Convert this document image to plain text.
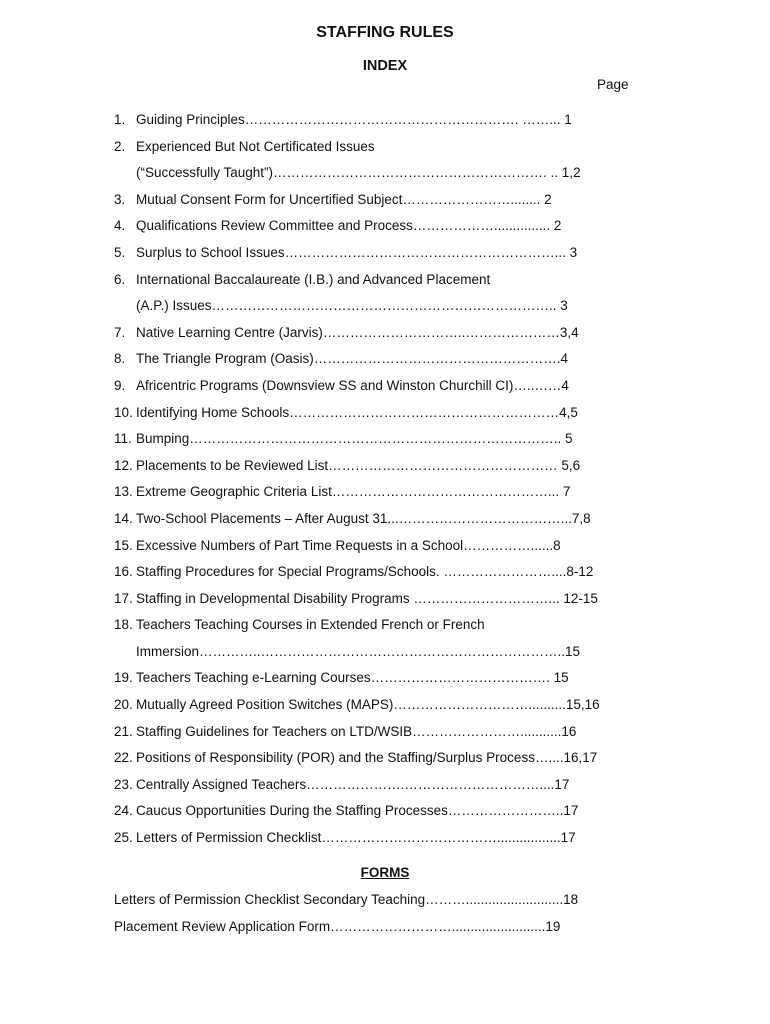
STAFFING RULES
INDEX
Page
1. Guiding Principles……………………………………………………. ……... 1
2. Experienced But Not Certificated Issues
(“Successfully Taught”)……………………………………………………. .. 1,2
3. Mutual Consent Form for Uncertified Subject……………………........ 2
4. Qualifications Review Committee and Process………………............... 2
5. Surplus to School Issues……………………………………………………... 3
6. International Baccalaureate (I.B.) and Advanced Placement
(A.P.) Issues………………………………………………………………….. 3
7. Native Learning Centre (Jarvis)…………………………..…………………3,4
8. The Triangle Program (Oasis)……………………………………………….4
9. Africentric Programs (Downsview SS and Winston Churchill CI)…..……4
10. Identifying Home Schools……………………………………………………4,5
11. Bumping……………………………………………………………………….. 5
12. Placements to be Reviewed List…………………………………………… 5,6
13. Extreme Geographic Criteria List…………………………………………... 7
14. Two-School Placements – After August 31...………………………………...7,8
15. Excessive Numbers of Part Time Requests in a School……………......8
16. Staffing Procedures for Special Programs/Schools. ……………………....8-12
17. Staffing in Developmental Disability Programs …………………………... 12-15
18. Teachers Teaching Courses in Extended French or French
Immersion…………..…………………………………………………………..15
19. Teachers Teaching e-Learning Courses…………………………………. 15
20. Mutually Agreed Position Switches (MAPS)…………………………..........15,16
21. Staffing Guidelines for Teachers on LTD/WSIB……………………...........16
22. Positions of Responsibility (POR) and the Staffing/Surplus Process…....16,17
23. Centrally Assigned Teachers………………….…………………………....17
24. Caucus Opportunities During the Staffing Processes……………………..17
25. Letters of Permission Checklist………………………………….................17
FORMS
Letters of Permission Checklist Secondary Teaching………..........................18
Placement Review Application Form……………………….........................19
